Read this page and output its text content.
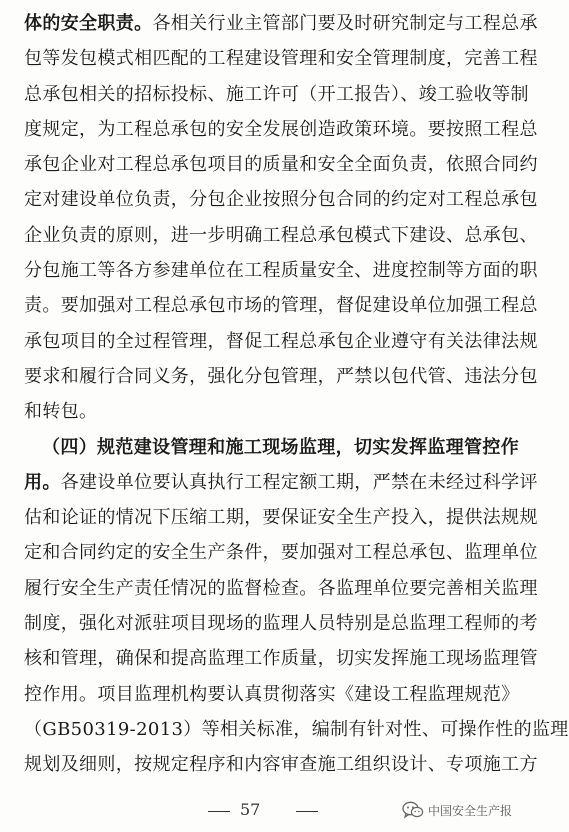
体的安全职责。各相关行业主管部门要及时研究制定与工程总承
包等发包模式相匹配的工程建设管理和安全管理制度，完善工程
总承包相关的招标投标、施工许可（开工报告）、竣工验收等制
度规定，为工程总承包的安全发展创造政策环境。要按照工程总
承包企业对工程总承包项目的质量和安全全面负责，依照合同约
定对建设单位负责，分包企业按照分包合同的约定对工程总承包
企业负责的原则，进一步明确工程总承包模式下建设、总承包、
分包施工等各方参建单位在工程质量安全、进度控制等方面的职
责。要加强对工程总承包市场的管理，督促建设单位加强工程总
承包项目的全过程管理，督促工程总承包企业遵守有关法律法规
要求和履行合同义务，强化分包管理，严禁以包代管、违法分包
和转包。
（四）规范建设管理和施工现场监理，切实发挥监理管控作
用。各建设单位要认真执行工程定额工期，严禁在未经过科学评
估和论证的情况下压缩工期，要保证安全生产投入，提供法规规
定和合同约定的安全生产条件，要加强对工程总承包、监理单位
履行安全生产责任情况的监督检查。各监理单位要完善相关监理
制度，强化对派驻项目现场的监理人员特别是总监理工程师的考
核和管理，确保和提高监理工作质量，切实发挥施工现场监理管
控作用。项目监理机构要认真贯彻落实《建设工程监理规范》
（GB50319-2013）等相关标准，编制有针对性、可操作性的监理
规划及细则，按规定程序和内容审查施工组织设计、专项施工方
57	中国安全生产报
